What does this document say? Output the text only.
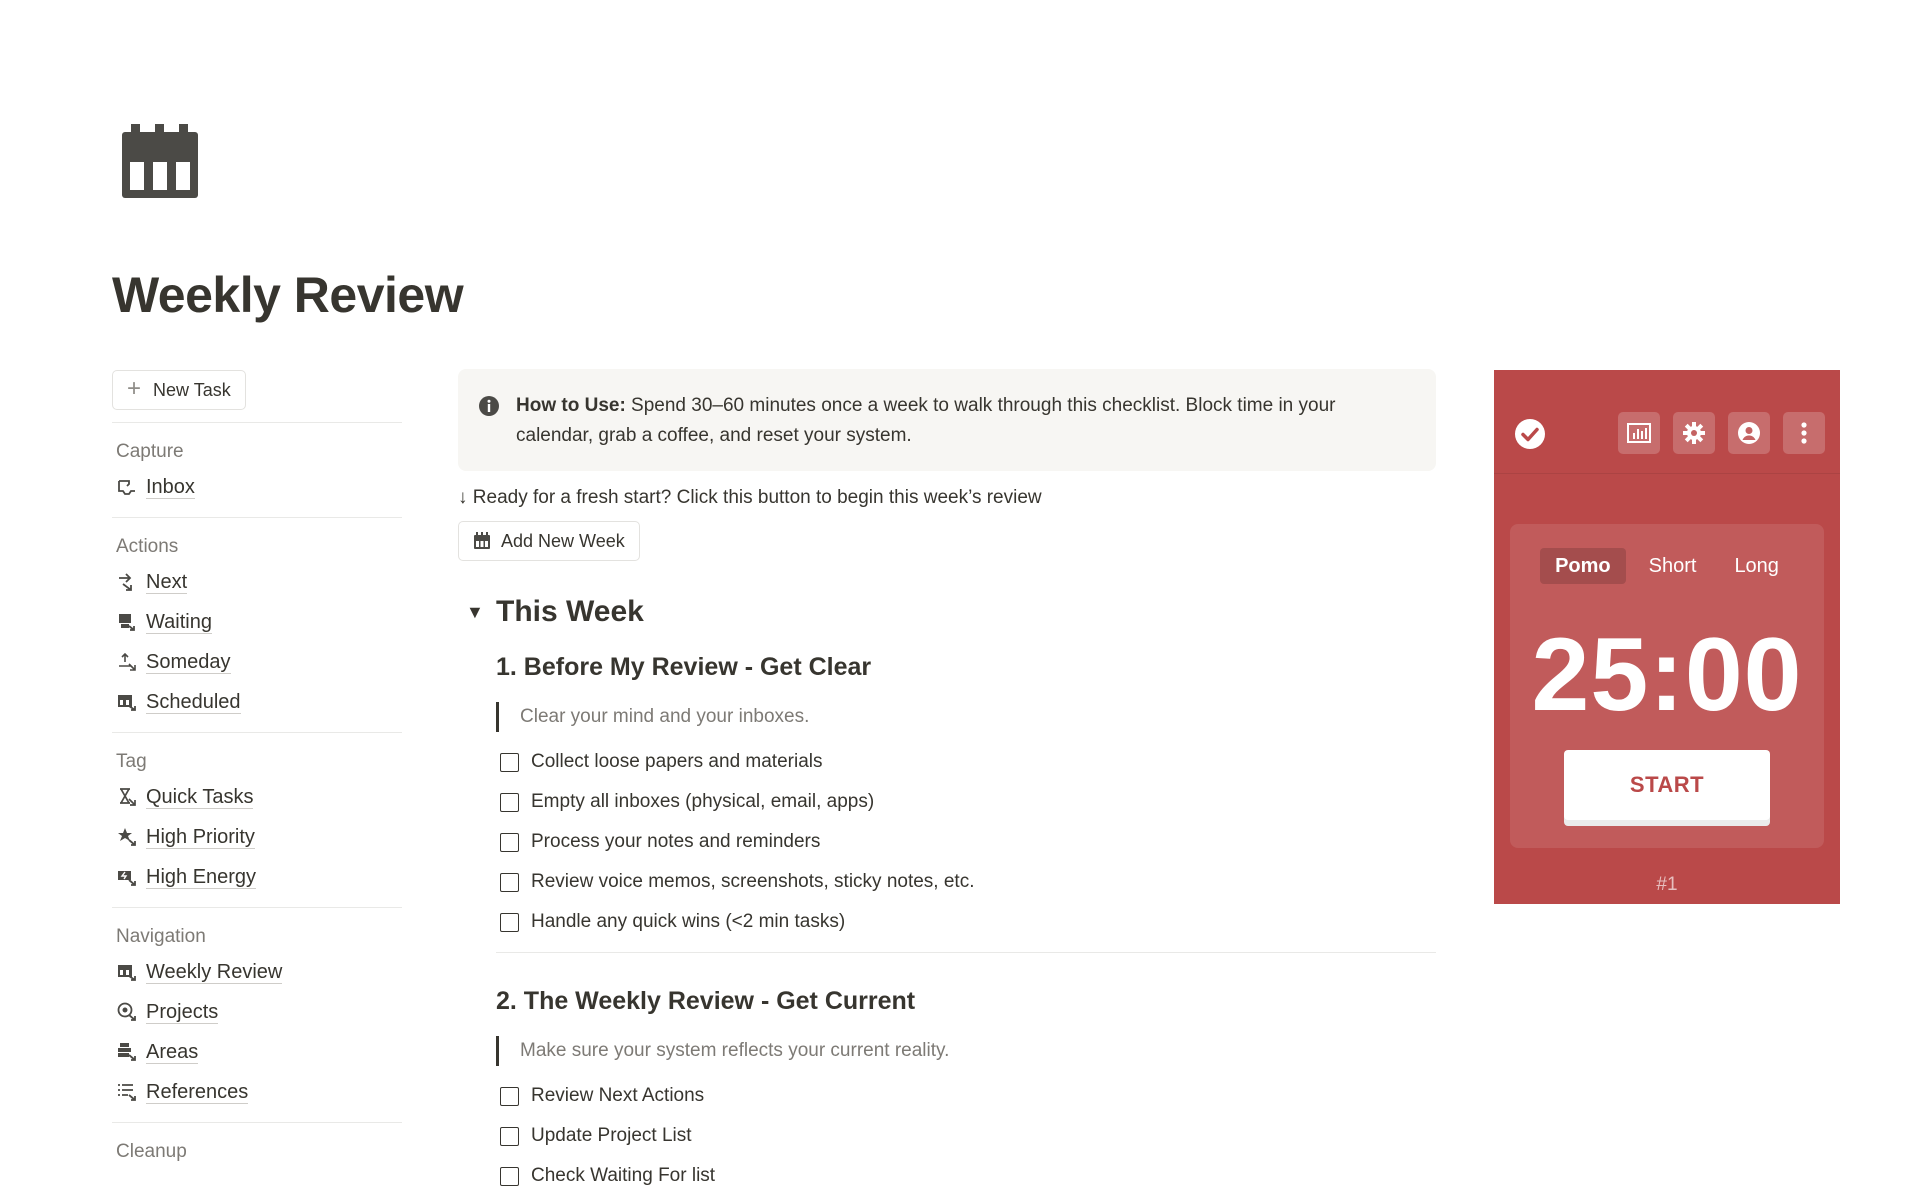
Weekly Review
+ New Task
Capture
Inbox
Actions
Next
Waiting
Someday
Scheduled
Tag
Quick Tasks
High Priority
High Energy
Navigation
Weekly Review
Projects
Areas
References
Cleanup
How to Use: Spend 30–60 minutes once a week to walk through this checklist. Block time in your calendar, grab a coffee, and reset your system.
↓ Ready for a fresh start? Click this button to begin this week’s review
Add New Week
▼ This Week
1. Before My Review - Get Clear
Clear your mind and your inboxes.
Collect loose papers and materials
Empty all inboxes (physical, email, apps)
Process your notes and reminders
Review voice memos, screenshots, sticky notes, etc.
Handle any quick wins (<2 min tasks)
2. The Weekly Review - Get Current
Make sure your system reflects your current reality.
Review Next Actions
Update Project List
Check Waiting For list
Pomo	Short	Long
25:00
START
#1
